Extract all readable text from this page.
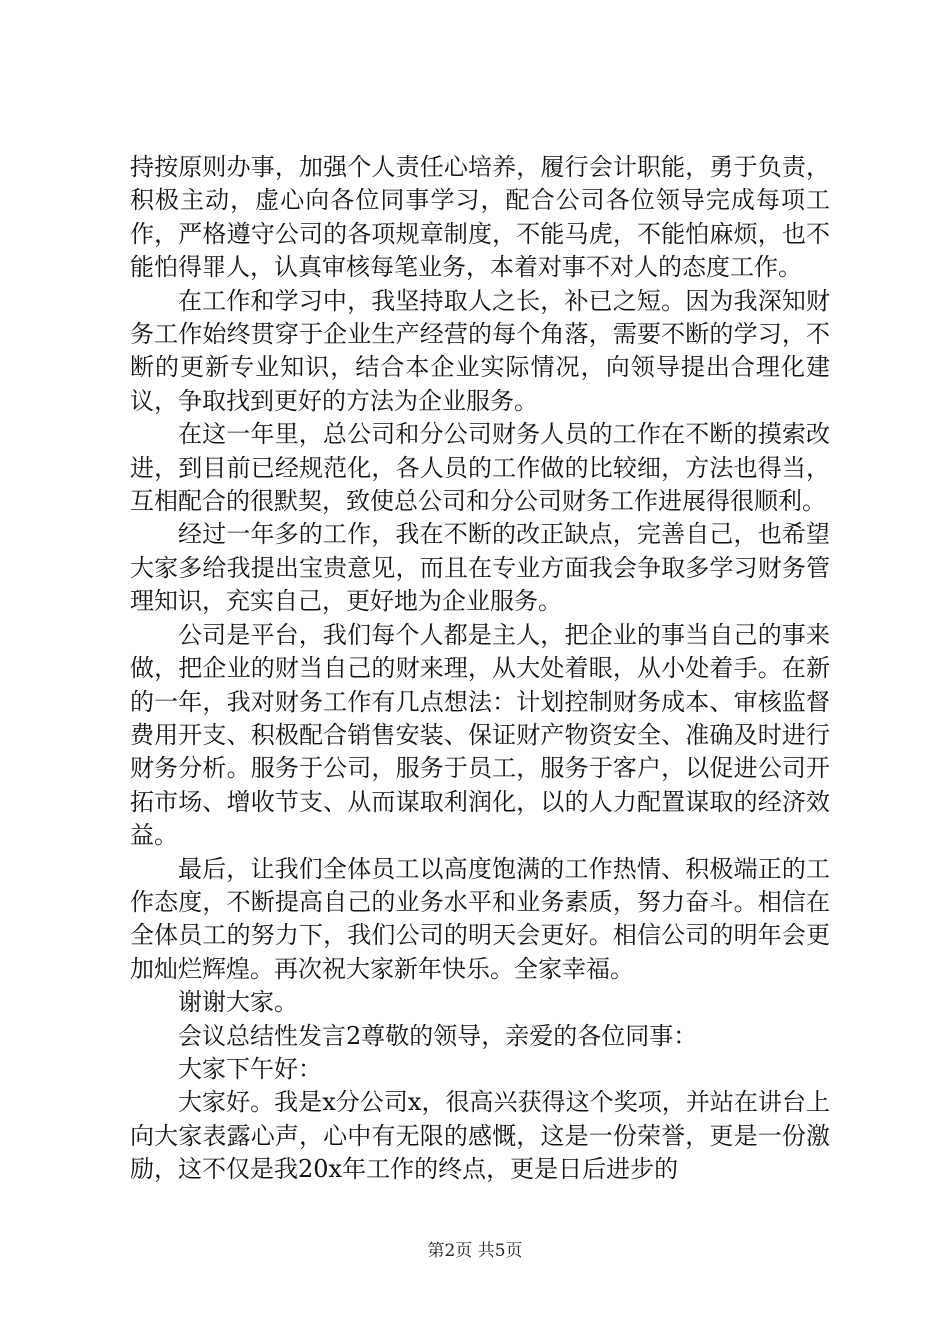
持按原则办事，加强个人责任心培养，履行会计职能，勇于负责，积极主动，虚心向各位同事学习，配合公司各位领导完成每项工作，严格遵守公司的各项规章制度，不能马虎，不能怕麻烦，也不能怕得罪人，认真审核每笔业务，本着对事不对人的态度工作。

在工作和学习中，我坚持取人之长，补已之短。因为我深知财务工作始终贯穿于企业生产经营的每个角落，需要不断的学习，不断的更新专业知识，结合本企业实际情况，向领导提出合理化建议，争取找到更好的方法为企业服务。

在这一年里，总公司和分公司财务人员的工作在不断的摸索改进，到目前已经规范化，各人员的工作做的比较细，方法也得当，互相配合的很默契，致使总公司和分公司财务工作进展得很顺利。

经过一年多的工作，我在不断的改正缺点，完善自己，也希望大家多给我提出宝贵意见，而且在专业方面我会争取多学习财务管理知识，充实自己，更好地为企业服务。

公司是平台，我们每个人都是主人，把企业的事当自己的事来做，把企业的财当自己的财来理，从大处着眼，从小处着手。在新的一年，我对财务工作有几点想法：计划控制财务成本、审核监督费用开支、积极配合销售安装、保证财产物资安全、准确及时进行财务分析。服务于公司，服务于员工，服务于客户，以促进公司开拓市场、增收节支、从而谋取利润化，以的人力配置谋取的经济效益。

最后，让我们全体员工以高度饱满的工作热情、积极端正的工作态度，不断提高自己的业务水平和业务素质，努力奋斗。相信在全体员工的努力下，我们公司的明天会更好。相信公司的明年会更加灿烂辉煌。再次祝大家新年快乐。全家幸福。

谢谢大家。

会议总结性发言2尊敬的领导，亲爱的各位同事：

大家下午好：

大家好。我是x分公司x，很高兴获得这个奖项，并站在讲台上向大家表露心声，心中有无限的感慨，这是一份荣誉，更是一份激励，这不仅是我20x年工作的终点，更是日后进步的

第2页 共5页
